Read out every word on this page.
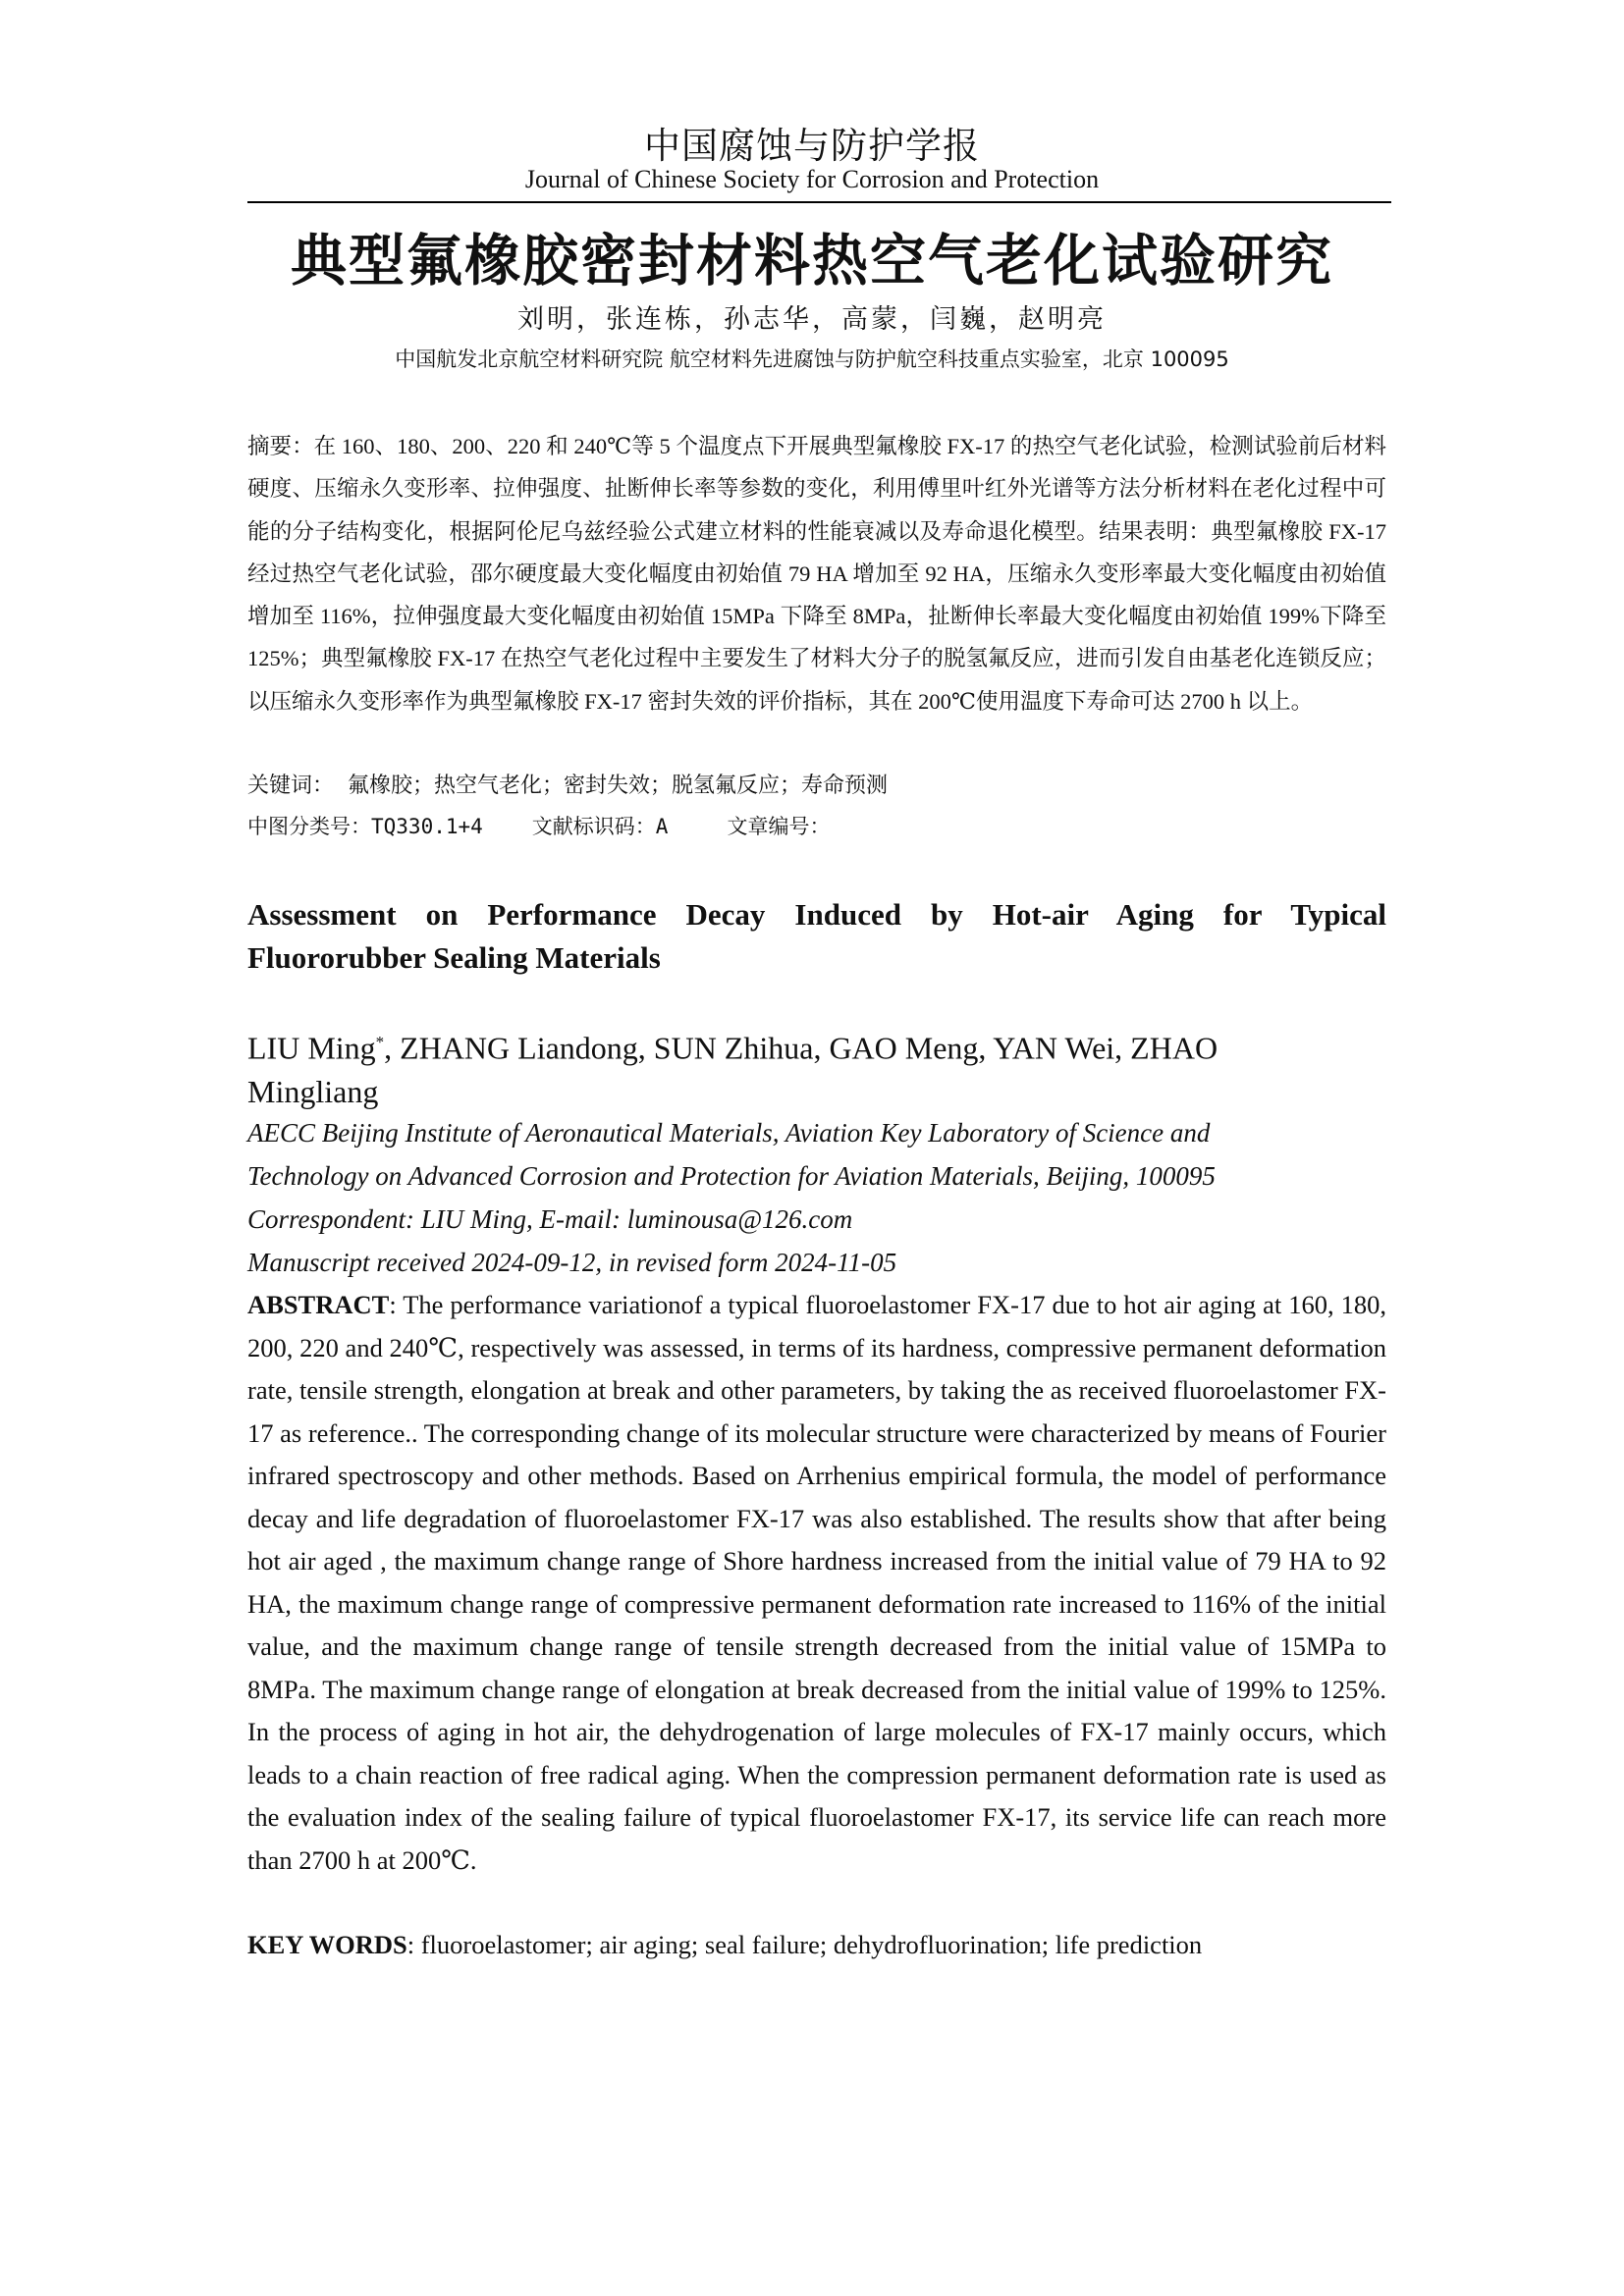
中国腐蚀与防护学报
Journal of Chinese Society for Corrosion and Protection
典型氟橡胶密封材料热空气老化试验研究
刘明，张连栋，孙志华，高蒙，闫巍，赵明亮
中国航发北京航空材料研究院 航空材料先进腐蚀与防护航空科技重点实验室，北京 100095
摘要：在 160、180、200、220 和 240℃等 5 个温度点下开展典型氟橡胶 FX-17 的热空气老化试验，检测试验前后材料硬度、压缩永久变形率、拉伸强度、扯断伸长率等参数的变化，利用傅里叶红外光谱等方法分析材料在老化过程中可能的分子结构变化，根据阿伦尼乌兹经验公式建立材料的性能衰减以及寿命退化模型。结果表明：典型氟橡胶 FX-17 经过热空气老化试验，邵尔硬度最大变化幅度由初始值 79 HA 增加至 92 HA，压缩永久变形率最大变化幅度由初始值增加至 116%，拉伸强度最大变化幅度由初始值 15MPa 下降至 8MPa，扯断伸长率最大变化幅度由初始值 199%下降至 125%；典型氟橡胶 FX-17 在热空气老化过程中主要发生了材料大分子的脱氢氟反应，进而引发自由基老化连锁反应；以压缩永久变形率作为典型氟橡胶 FX-17 密封失效的评价指标，其在 200℃使用温度下寿命可达 2700 h 以上。
关键词： 氟橡胶；热空气老化；密封失效；脱氢氟反应；寿命预测
中图分类号：TQ330.1+4 文献标识码：A	文章编号：
Assessment on Performance Decay Induced by Hot-air Aging for Typical
Fluororubber Sealing Materials
LIU Ming*, ZHANG Liandong, SUN Zhihua, GAO Meng, YAN Wei, ZHAO Mingliang
AECC Beijing Institute of Aeronautical Materials, Aviation Key Laboratory of Science and
Technology on Advanced Corrosion and Protection for Aviation Materials, Beijing, 100095
Correspondent: LIU Ming, E-mail: luminousa@126.com
Manuscript received 2024-09-12, in revised form 2024-11-05
ABSTRACT: The performance variationof a typical fluoroelastomer FX-17 due to hot air aging at 160, 180, 200, 220 and 240℃, respectively was assessed, in terms of its hardness, compressive permanent deformation rate, tensile strength, elongation at break and other parameters, by taking the as received fluoroelastomer FX-17 as reference.. The corresponding change of its molecular structure were characterized by means of Fourier infrared spectroscopy and other methods. Based on Arrhenius empirical formula, the model of performance decay and life degradation of fluoroelastomer FX-17 was also established. The results show that after being hot air aged , the maximum change range of Shore hardness increased from the initial value of 79 HA to 92 HA, the maximum change range of compressive permanent deformation rate increased to 116% of the initial value, and the maximum change range of tensile strength decreased from the initial value of 15MPa to 8MPa. The maximum change range of elongation at break decreased from the initial value of 199% to 125%. In the process of aging in hot air, the dehydrogenation of large molecules of FX-17 mainly occurs, which leads to a chain reaction of free radical aging. When the compression permanent deformation rate is used as the evaluation index of the sealing failure of typical fluoroelastomer FX-17, its service life can reach more than 2700 h at 200℃.
KEY WORDS: fluoroelastomer; air aging; seal failure; dehydrofluorination; life prediction
